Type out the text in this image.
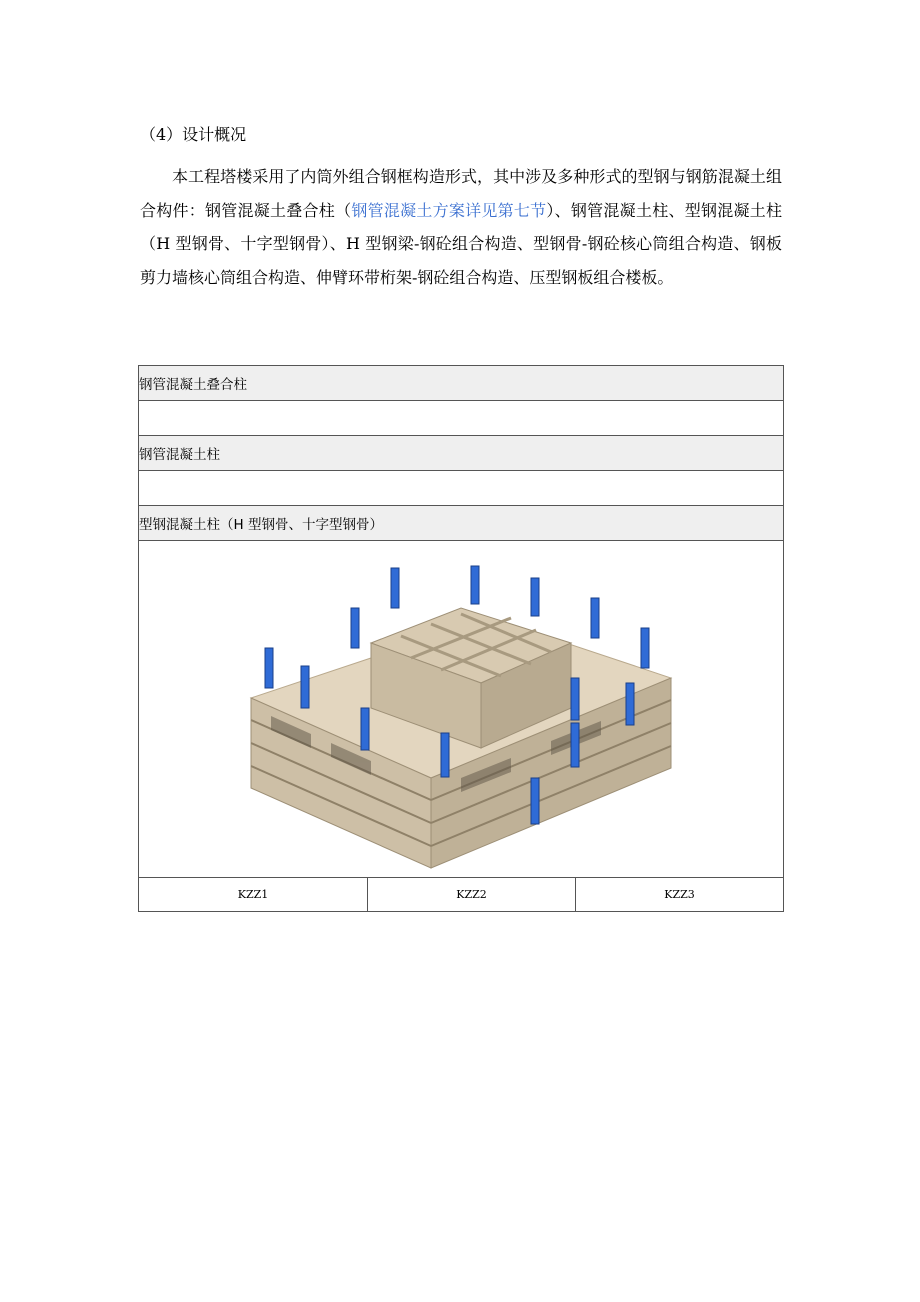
（4）设计概况
本工程塔楼采用了内筒外组合钢框构造形式，其中涉及多种形式的型钢与钢筋混凝土组合构件：钢管混凝土叠合柱（钢管混凝土方案详见第七节）、钢管混凝土柱、型钢混凝土柱（H 型钢骨、十字型钢骨）、H 型钢梁-钢砼组合构造、型钢骨-钢砼核心筒组合构造、钢板剪力墙核心筒组合构造、伸臂环带桁架-钢砼组合构造、压型钢板组合楼板。
钢管混凝土叠合柱

钢管混凝土柱

型钢混凝土柱（H 型钢骨、十字型钢骨）

KZZ1	KZZ2	KZZ3
